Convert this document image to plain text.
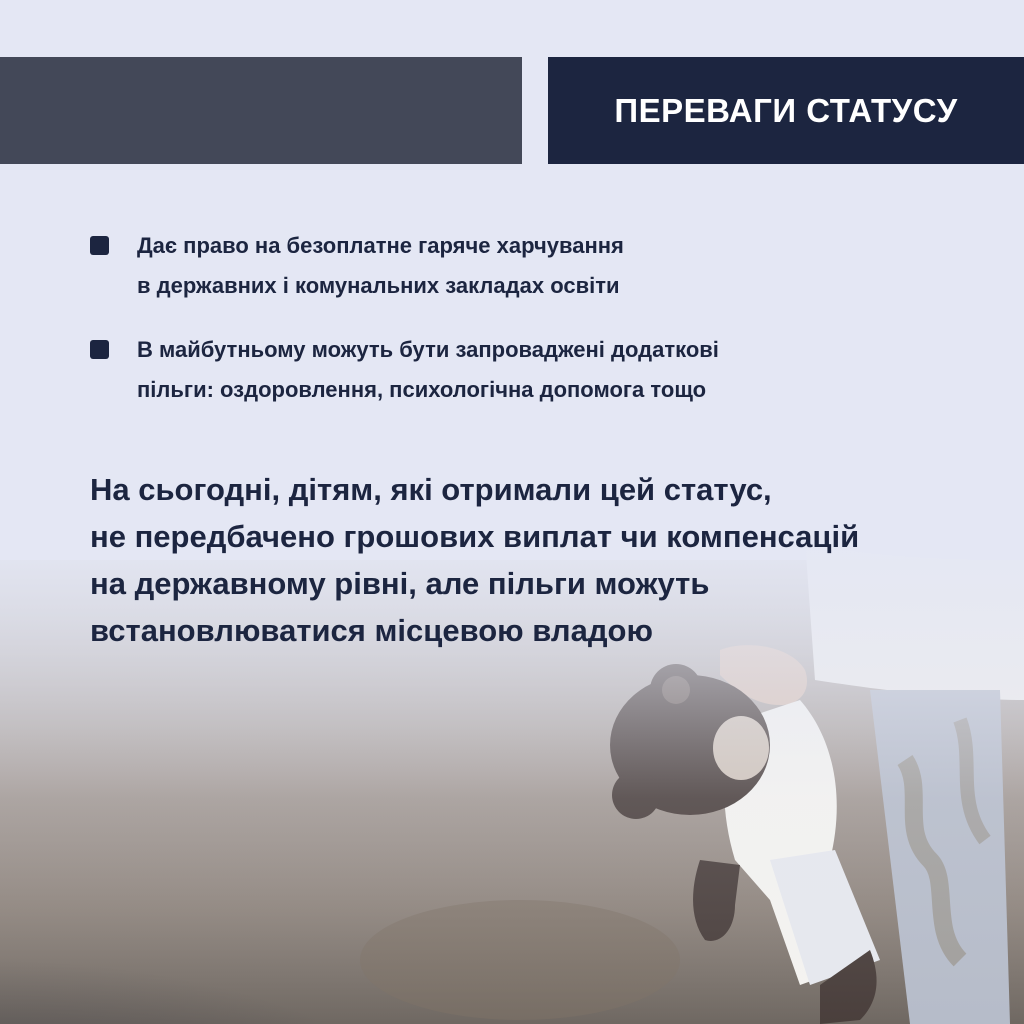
ПЕРЕВАГИ СТАТУСУ
Дає право на безоплатне гаряче харчування
в державних і комунальних закладах освіти
В майбутньому можуть бути запроваджені додаткові
пільги: оздоровлення, психологічна допомога тощо
На сьогодні, дітям, які отримали цей статус,
не передбачено грошових виплат чи компенсацій
на державному рівні, але пільги можуть
встановлюватися місцевою владою
